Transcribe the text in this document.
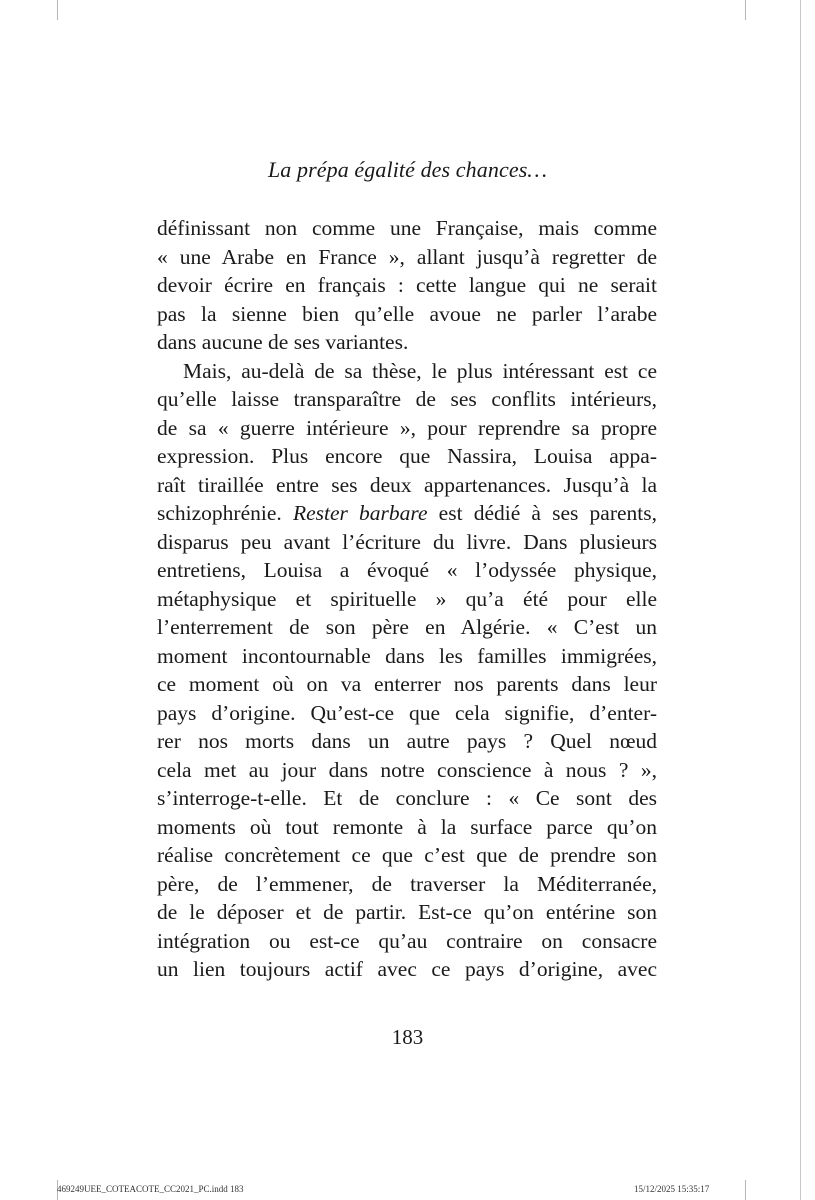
La prépa égalité des chances…
définissant non comme une Française, mais comme
« une Arabe en France », allant jusqu’à regretter de
devoir écrire en français : cette langue qui ne serait
pas la sienne bien qu’elle avoue ne parler l’arabe
dans aucune de ses variantes.
Mais, au-delà de sa thèse, le plus intéressant est ce
qu’elle laisse transparaître de ses conflits intérieurs,
de sa « guerre intérieure », pour reprendre sa propre
expression. Plus encore que Nassira, Louisa appa-
raît tiraillée entre ses deux appartenances. Jusqu’à la
schizophrénie. Rester barbare est dédié à ses parents,
disparus peu avant l’écriture du livre. Dans plusieurs
entretiens, Louisa a évoqué « l’odyssée physique,
métaphysique et spirituelle » qu’a été pour elle
l’enterrement de son père en Algérie. « C’est un
moment incontournable dans les familles immigrées,
ce moment où on va enterrer nos parents dans leur
pays d’origine. Qu’est-ce que cela signifie, d’enter-
rer nos morts dans un autre pays ? Quel nœud
cela met au jour dans notre conscience à nous ? »,
s’interroge-t-elle. Et de conclure : « Ce sont des
moments où tout remonte à la surface parce qu’on
réalise concrètement ce que c’est que de prendre son
père, de l’emmener, de traverser la Méditerranée,
de le déposer et de partir. Est-ce qu’on entérine son
intégration ou est-ce qu’au contraire on consacre
un lien toujours actif avec ce pays d’origine, avec
183
469249UEE_COTEACOTE_CC2021_PC.indd 183	15/12/2025 15:35:17
